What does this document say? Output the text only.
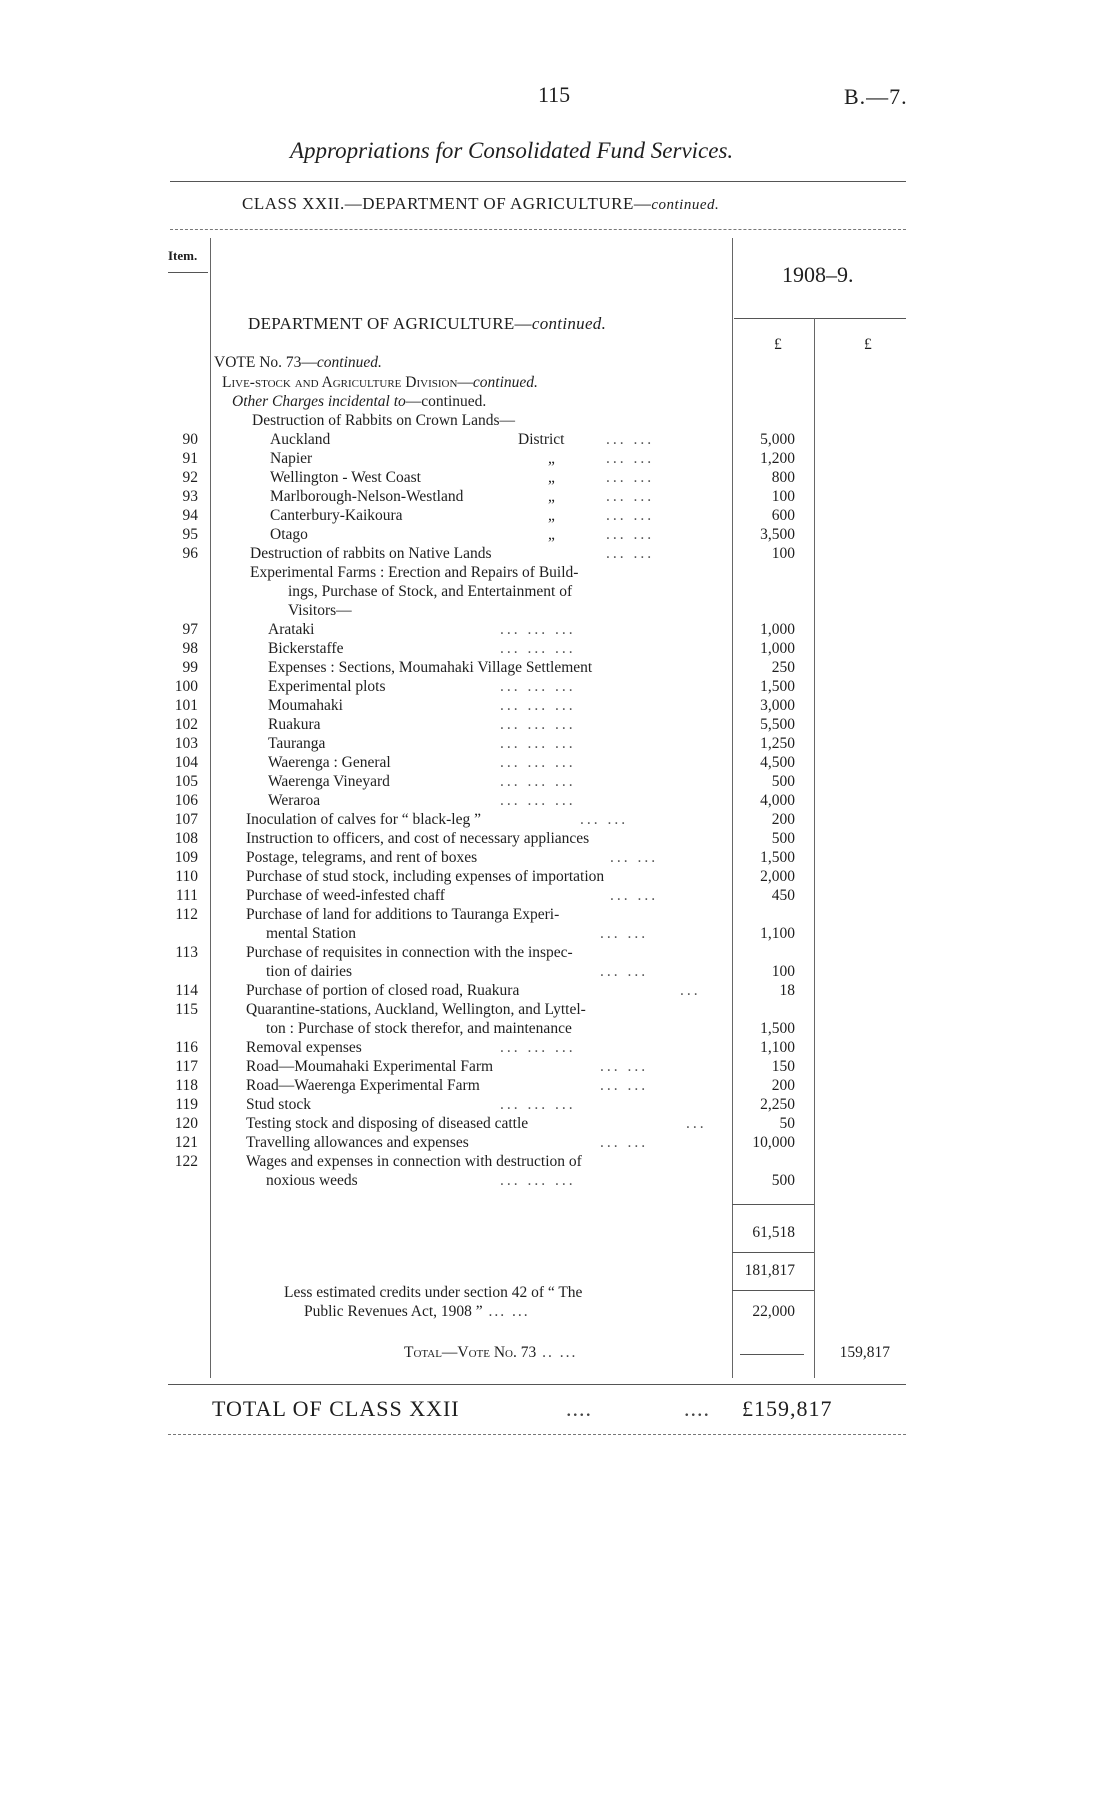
115	B.—7.
Appropriations for Consolidated Fund Services.
CLASS XXII.—DEPARTMENT OF AGRICULTURE—continued.
Item.
1908–9.
£	£
DEPARTMENT OF AGRICULTURE—continued.
VOTE No. 73—continued.
Live-stock and Agriculture Division—continued.
Other Charges incidental to—continued.
Destruction of Rabbits on Crown Lands—
90	Auckland	District	... ...	5,000
91	Napier	„	... ...	1,200
92	Wellington - West Coast	„	... ...	800
93	Marlborough-Nelson-Westland	„	... ...	100
94	Canterbury-Kaikoura	„	... ...	600
95	Otago	„	... ...	3,500
96	Destruction of rabbits on Native Lands	... ...	100
Experimental Farms : Erection and Repairs of Build-
ings, Purchase of Stock, and Entertainment of
Visitors—
97	Arataki	... ... ...	1,000
98	Bickerstaffe	... ... ...	1,000
99	Expenses : Sections, Moumahaki Village Settlement	250
100	Experimental plots	... ... ...	1,500
101	Moumahaki	... ... ...	3,000
102	Ruakura	... ... ...	5,500
103	Tauranga	... ... ...	1,250
104	Waerenga : General	... ... ...	4,500
105	Waerenga Vineyard	... ... ...	500
106	Weraroa	... ... ...	4,000
107	Inoculation of calves for “ black-leg ”	... ...	200
108	Instruction to officers, and cost of necessary appliances	500
109	Postage, telegrams, and rent of boxes	... ...	1,500
110	Purchase of stud stock, including expenses of importation	2,000
111	Purchase of weed-infested chaff	... ...	450
112	Purchase of land for additions to Tauranga Experi-
mental Station	... ...	1,100
113	Purchase of requisites in connection with the inspec-
tion of dairies	... ...	100
114	Purchase of portion of closed road, Ruakura	...	18
115	Quarantine-stations, Auckland, Wellington, and Lyttel-
ton : Purchase of stock therefor, and maintenance	1,500
116	Removal expenses	... ... ...	1,100
117	Road—Moumahaki Experimental Farm	... ...	150
118	Road—Waerenga Experimental Farm	... ...	200
119	Stud stock	... ... ...	2,250
120	Testing stock and disposing of diseased cattle	...	50
121	Travelling allowances and expenses	... ...	10,000
122	Wages and expenses in connection with destruction of
noxious weeds	... ... ...	500
61,518
181,817
Less estimated credits under section 42 of “ The
Public Revenues Act, 1908 ” ... ...	22,000
Total—Vote No. 73 .. ...	159,817
TOTAL OF CLASS XXII	....	.... £159,817
